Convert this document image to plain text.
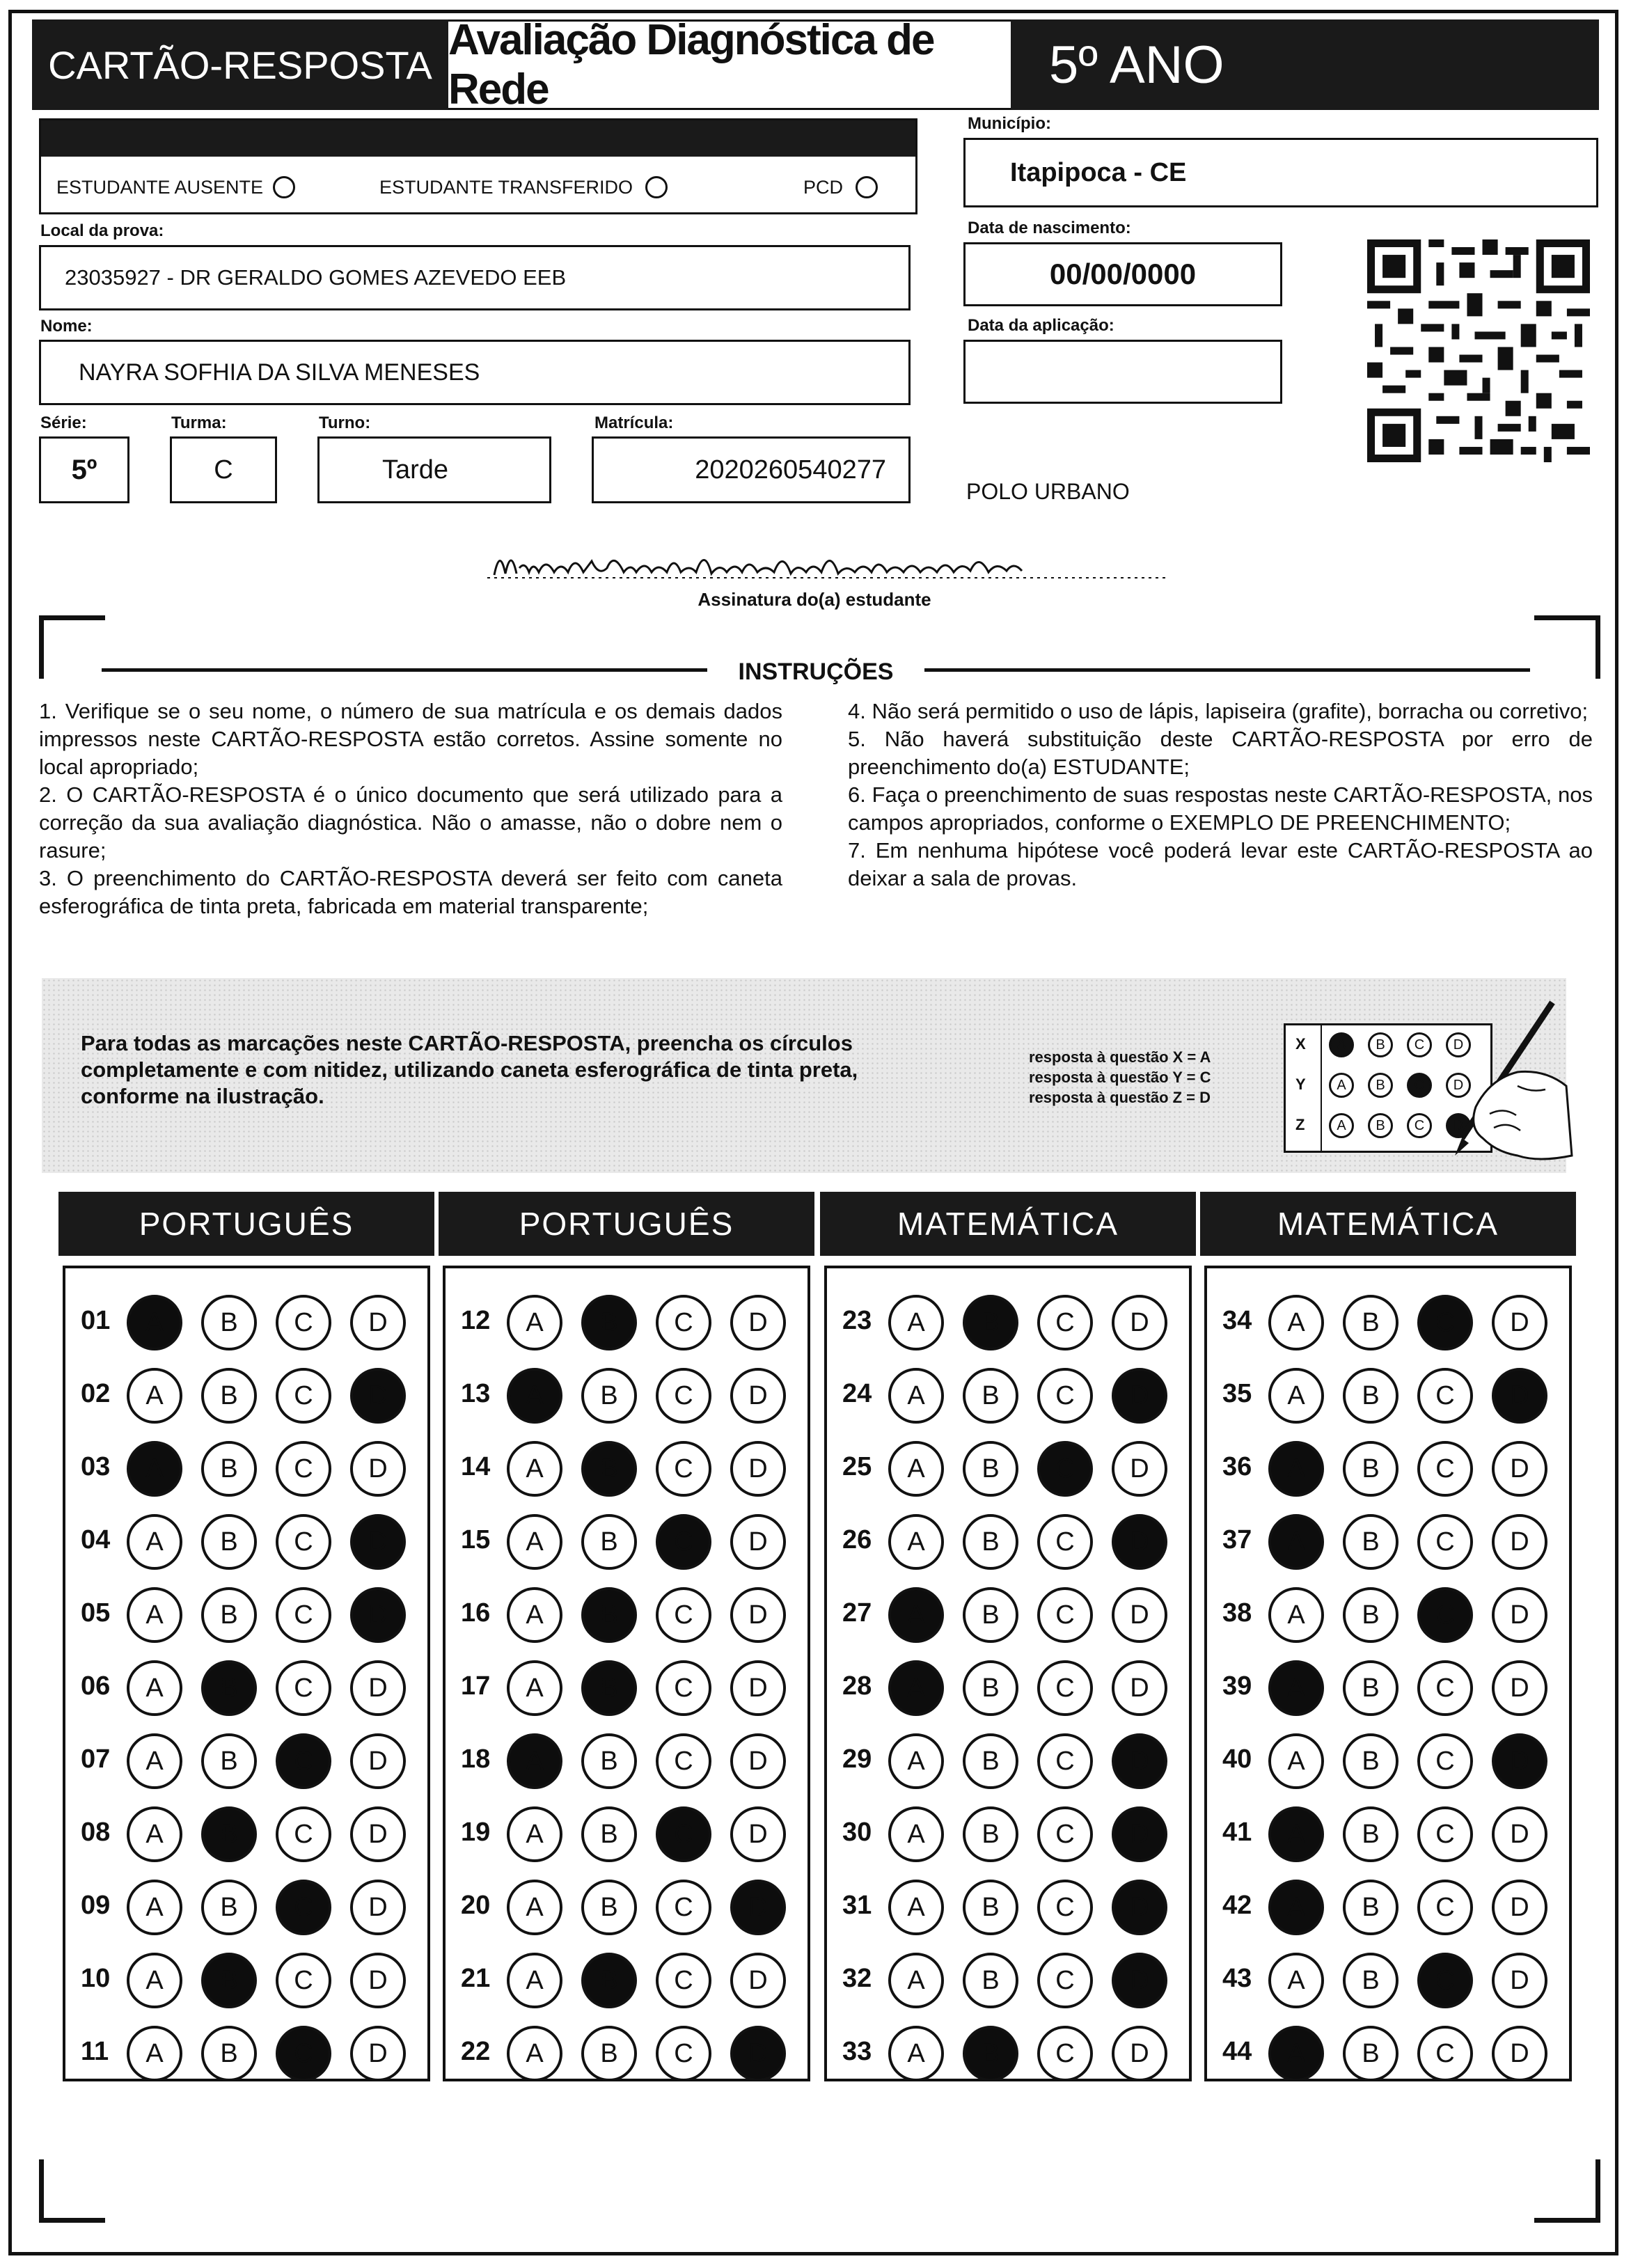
CARTÃO-RESPOSTA
Avaliação Diagnóstica de Rede	5º ANO
ESTUDANTE AUSENTE	ESTUDANTE TRANSFERIDO	PCD
Local da prova:
23035927 - DR GERALDO GOMES AZEVEDO EEB
Nome:
NAYRA SOFHIA DA SILVA MENESES
Série:
5º
Turma:
C
Turno:
Tarde
Matrícula:
2020260540277
Município:
Itapipoca - CE
Data de nascimento:
00/00/0000
Data da aplicação:
POLO URBANO
Assinatura do(a) estudante
INSTRUÇÕES

1. Verifique se o seu nome, o número de sua matrícula e os demais dados impressos neste CARTÃO-RESPOSTA estão corretos. Assine somente no local apropriado;

2. O CARTÃO-RESPOSTA é o único documento que será utilizado para a correção da sua avaliação diagnóstica. Não o amasse, não o dobre nem o rasure;

3. O preenchimento do CARTÃO-RESPOSTA deverá ser feito com caneta esferográfica de tinta preta, fabricada em material transparente;

4. Não será permitido o uso de lápis, lapiseira (grafite), borracha ou corretivo;

5. Não haverá substituição deste CARTÃO-RESPOSTA por erro de preenchimento do(a) ESTUDANTE;

6. Faça o preenchimento de suas respostas neste CARTÃO-RESPOSTA, nos campos apropriados, conforme o EXEMPLO DE PREENCHIMENTO;

7. Em nenhuma hipótese você poderá levar este CARTÃO-RESPOSTA ao deixar a sala de provas.

Para todas as marcações neste CARTÃO-RESPOSTA, preencha os círculos completamente e com nitidez, utilizando caneta esferográfica de tinta preta, conforme na ilustração.
resposta à questão X = A
resposta à questão Y = C
resposta à questão Z = D
X	A	B	C	D
Y	A	B	C	D
Z	A	B	C	D
PORTUGUÊS
01	A	B	C	D
02	A	B	C	D
03	A	B	C	D
04	A	B	C	D
05	A	B	C	D
06	A	B	C	D
07	A	B	C	D
08	A	B	C	D
09	A	B	C	D
10	A	B	C	D
11	A	B	C	D
PORTUGUÊS
12	A	B	C	D
13	A	B	C	D
14	A	B	C	D
15	A	B	C	D
16	A	B	C	D
17	A	B	C	D
18	A	B	C	D
19	A	B	C	D
20	A	B	C	D
21	A	B	C	D
22	A	B	C	D
MATEMÁTICA
23	A	B	C	D
24	A	B	C	D
25	A	B	C	D
26	A	B	C	D
27	A	B	C	D
28	A	B	C	D
29	A	B	C	D
30	A	B	C	D
31	A	B	C	D
32	A	B	C	D
33	A	B	C	D
MATEMÁTICA
34	A	B	C	D
35	A	B	C	D
36	A	B	C	D
37	A	B	C	D
38	A	B	C	D
39	A	B	C	D
40	A	B	C	D
41	A	B	C	D
42	A	B	C	D
43	A	B	C	D
44	A	B	C	D
